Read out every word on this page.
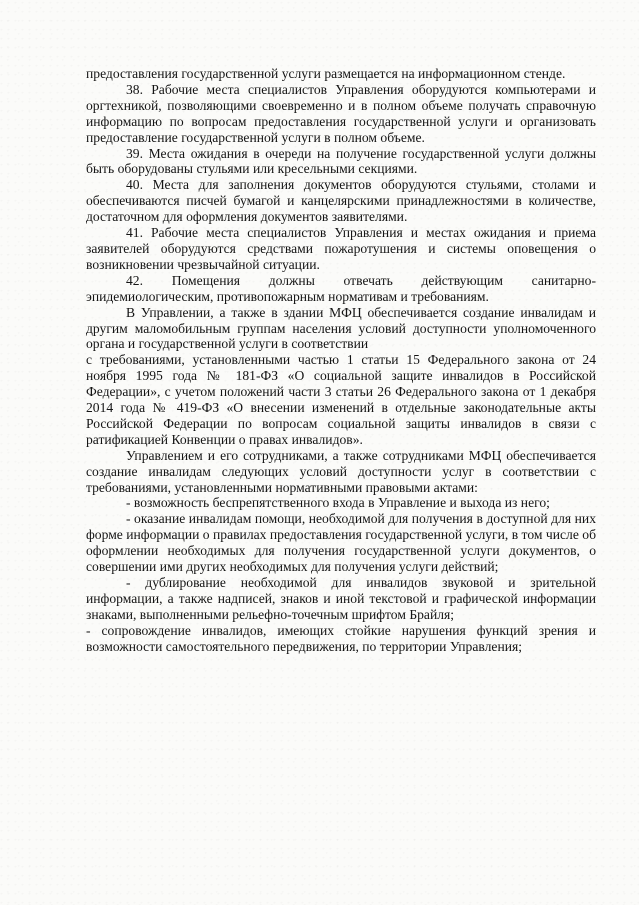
предоставления государственной услуги размещается на информационном стенде.

38. Рабочие места специалистов Управления оборудуются компьютерами и оргтехникой, позволяющими своевременно и в полном объеме получать справочную информацию по вопросам предоставления государственной услуги и организовать предоставление государственной услуги в полном объеме.

39. Места ожидания в очереди на получение государственной услуги должны быть оборудованы стульями или кресельными секциями.

40. Места для заполнения документов оборудуются стульями, столами и обеспечиваются писчей бумагой и канцелярскими принадлежностями в количестве, достаточном для оформления документов заявителями.

41. Рабочие места специалистов Управления и местах ожидания и приема заявителей оборудуются средствами пожаротушения и системы оповещения о возникновении чрезвычайной ситуации.

42. Помещения должны отвечать действующим санитарно-эпидемиологическим, противопожарным нормативам и требованиям.

В Управлении, а также в здании МФЦ обеспечивается создание инвалидам и другим маломобильным группам населения условий доступности уполномоченного органа и государственной услуги в соответствии

с требованиями, установленными частью 1 статьи 15 Федерального закона от 24 ноября 1995 года № 181-ФЗ «О социальной защите инвалидов в Российской Федерации», с учетом положений части 3 статьи 26 Федерального закона от 1 декабря 2014 года № 419-ФЗ «О внесении изменений в отдельные законодательные акты Российской Федерации по вопросам социальной защиты инвалидов в связи с ратификацией Конвенции о правах инвалидов».

Управлением и его сотрудниками, а также сотрудниками МФЦ обеспечивается создание инвалидам следующих условий доступности услуг в соответствии с требованиями, установленными нормативными правовыми актами:

- возможность беспрепятственного входа в Управление и выхода из него;

- оказание инвалидам помощи, необходимой для получения в доступной для них форме информации о правилах предоставления государственной услуги, в том числе об оформлении необходимых для получения государственной услуги документов, о совершении ими других необходимых для получения услуги действий;

- дублирование необходимой для инвалидов звуковой и зрительной информации, а также надписей, знаков и иной текстовой и графической информации знаками, выполненными рельефно-точечным шрифтом Брайля;

- сопровождение инвалидов, имеющих стойкие нарушения функций зрения и возможности самостоятельного передвижения, по территории Управления;
